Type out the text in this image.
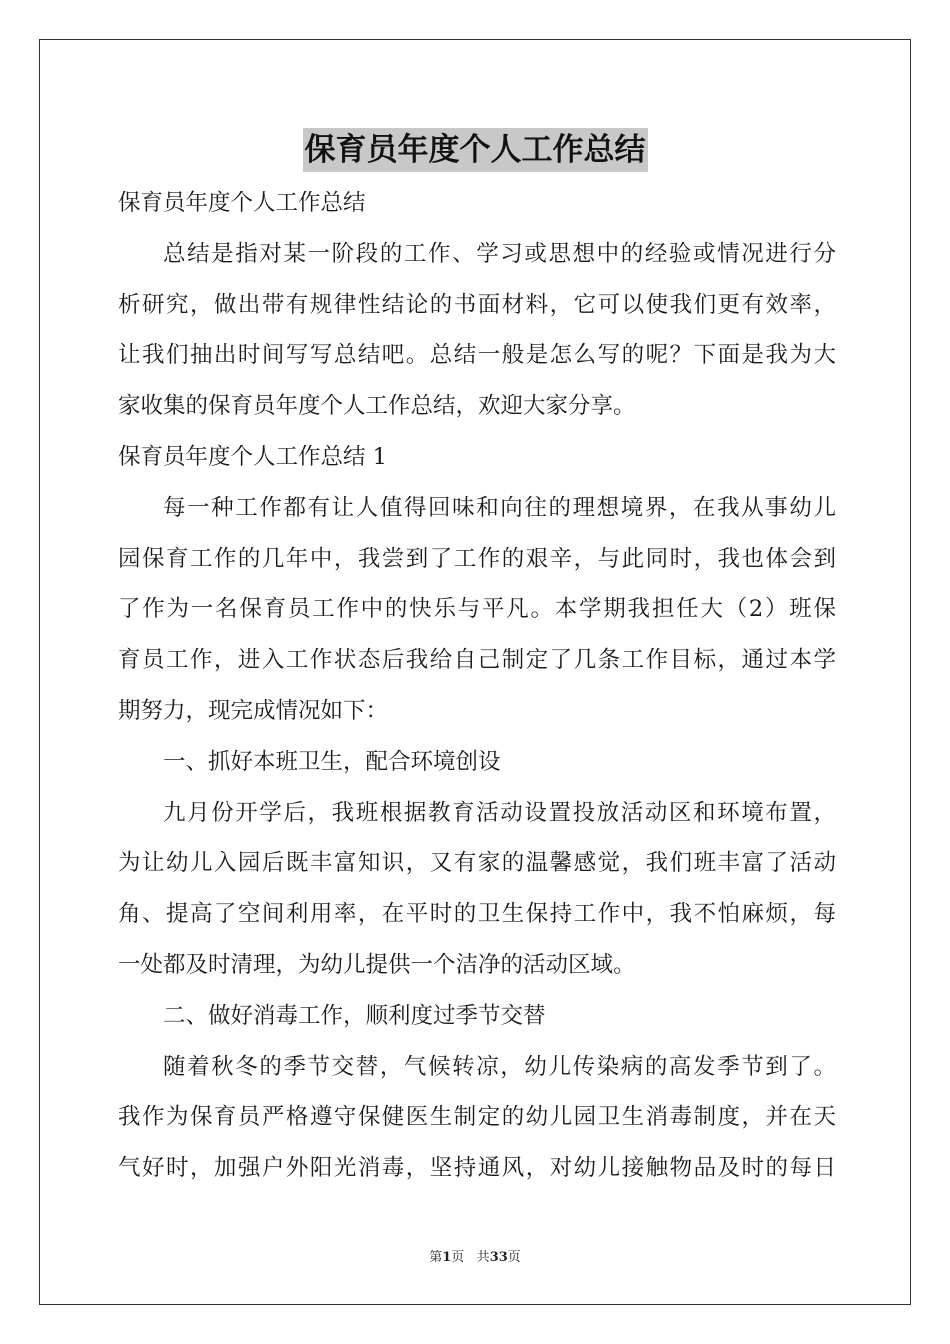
保育员年度个人工作总结
保育员年度个人工作总结
总结是指对某一阶段的工作、学习或思想中的经验或情况进行分
析研究，做出带有规律性结论的书面材料，它可以使我们更有效率，
让我们抽出时间写写总结吧。总结一般是怎么写的呢？下面是我为大
家收集的保育员年度个人工作总结，欢迎大家分享。
保育员年度个人工作总结 1
每一种工作都有让人值得回味和向往的理想境界，在我从事幼儿
园保育工作的几年中，我尝到了工作的艰辛，与此同时，我也体会到
了作为一名保育员工作中的快乐与平凡。本学期我担任大（2）班保
育员工作，进入工作状态后我给自己制定了几条工作目标，通过本学
期努力，现完成情况如下：
一、抓好本班卫生，配合环境创设
九月份开学后，我班根据教育活动设置投放活动区和环境布置，
为让幼儿入园后既丰富知识，又有家的温馨感觉，我们班丰富了活动
角、提高了空间利用率，在平时的卫生保持工作中，我不怕麻烦，每
一处都及时清理，为幼儿提供一个洁净的活动区域。
二、做好消毒工作，顺利度过季节交替
随着秋冬的季节交替，气候转凉，幼儿传染病的高发季节到了。
我作为保育员严格遵守保健医生制定的幼儿园卫生消毒制度，并在天
气好时，加强户外阳光消毒，坚持通风，对幼儿接触物品及时的每日
第1页 共33页
